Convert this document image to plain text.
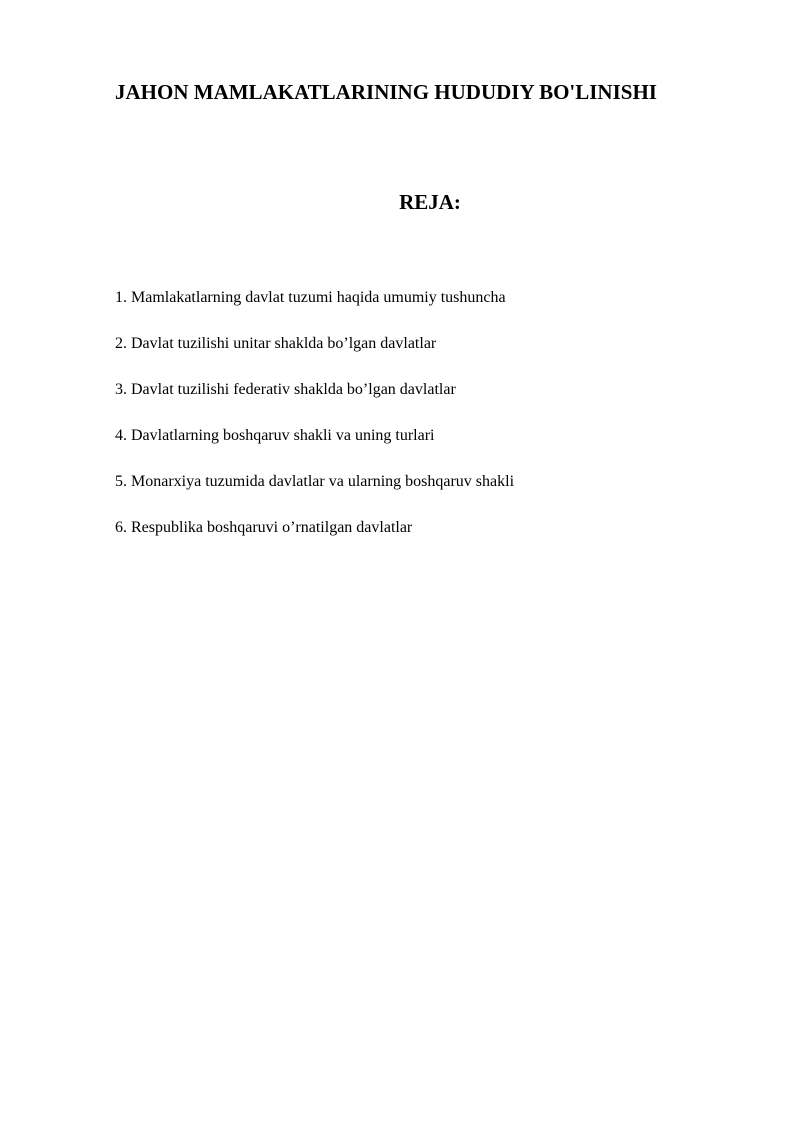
JAHON MAMLAKATLARINING HUDUDIY BO'LINISHI
REJA:
1. Mamlakatlarning davlat tuzumi haqida umumiy tushuncha
2. Davlat tuzilishi unitar shaklda bo’lgan davlatlar
3. Davlat tuzilishi federativ shaklda bo’lgan davlatlar
4. Davlatlarning boshqaruv shakli va uning turlari
5. Monarxiya tuzumida davlatlar va ularning boshqaruv shakli
6. Respublika boshqaruvi o’rnatilgan davlatlar
